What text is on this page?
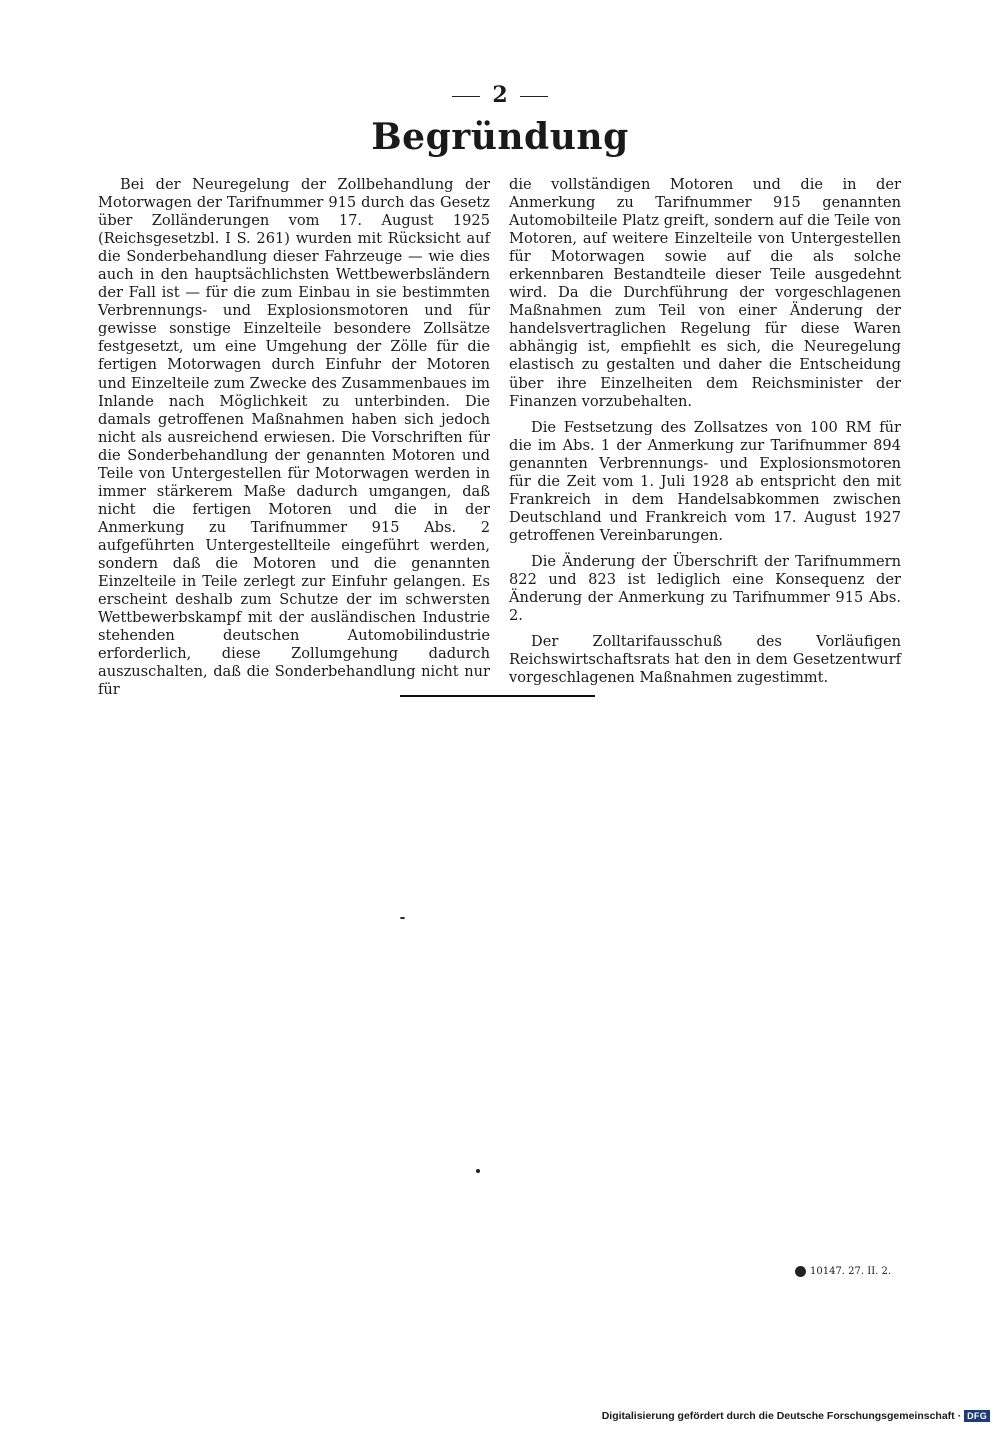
2
Begründung

Bei der Neuregelung der Zollbehandlung der Motorwagen der Tarifnummer 915 durch das Gesetz über Zolländerungen vom 17. August 1925 (Reichsgesetzbl. I S. 261) wurden mit Rücksicht auf die Sonderbehandlung dieser Fahrzeuge — wie dies auch in den hauptsächlichsten Wettbewerbsländern der Fall ist — für die zum Einbau in sie bestimmten Verbrennungs- und Explosionsmotoren und für gewisse sonstige Einzelteile besondere Zollsätze festgesetzt, um eine Umgehung der Zölle für die fertigen Motorwagen durch Einfuhr der Motoren und Einzelteile zum Zwecke des Zusammenbaues im Inlande nach Möglichkeit zu unterbinden. Die damals getroffenen Maßnahmen haben sich jedoch nicht als ausreichend erwiesen. Die Vorschriften für die Sonderbehandlung der genannten Motoren und Teile von Untergestellen für Motorwagen werden in immer stärkerem Maße dadurch umgangen, daß nicht die fertigen Motoren und die in der Anmerkung zu Tarifnummer 915 Abs. 2 aufgeführten Untergestellteile eingeführt werden, sondern daß die Motoren und die genannten Einzelteile in Teile zerlegt zur Einfuhr gelangen. Es erscheint deshalb zum Schutze der im schwersten Wettbewerbskampf mit der ausländischen Industrie stehenden deutschen Automobilindustrie erforderlich, diese Zollumgehung dadurch auszuschalten, daß die Sonderbehandlung nicht nur für

die vollständigen Motoren und die in der Anmerkung zu Tarifnummer 915 genannten Automobilteile Platz greift, sondern auf die Teile von Motoren, auf weitere Einzelteile von Untergestellen für Motorwagen sowie auf die als solche erkennbaren Bestandteile dieser Teile ausgedehnt wird. Da die Durchführung der vorgeschlagenen Maßnahmen zum Teil von einer Änderung der handelsvertraglichen Regelung für diese Waren abhängig ist, empfiehlt es sich, die Neuregelung elastisch zu gestalten und daher die Entscheidung über ihre Einzelheiten dem Reichsminister der Finanzen vorzubehalten.

Die Festsetzung des Zollsatzes von 100 RM für die im Abs. 1 der Anmerkung zur Tarifnummer 894 genannten Verbrennungs- und Explosionsmotoren für die Zeit vom 1. Juli 1928 ab entspricht den mit Frankreich in dem Handelsabkommen zwischen Deutschland und Frankreich vom 17. August 1927 getroffenen Vereinbarungen.

Die Änderung der Überschrift der Tarifnummern 822 und 823 ist lediglich eine Konsequenz der Änderung der Anmerkung zu Tarifnummer 915 Abs. 2.

Der Zolltarifausschuß des Vorläufigen Reichswirtschaftsrats hat den in dem Gesetzentwurf vorgeschlagenen Maßnahmen zugestimmt.

10147. 27. II. 2.
Digitalisierung gefördert durch die Deutsche Forschungsgemeinschaft · DFG
